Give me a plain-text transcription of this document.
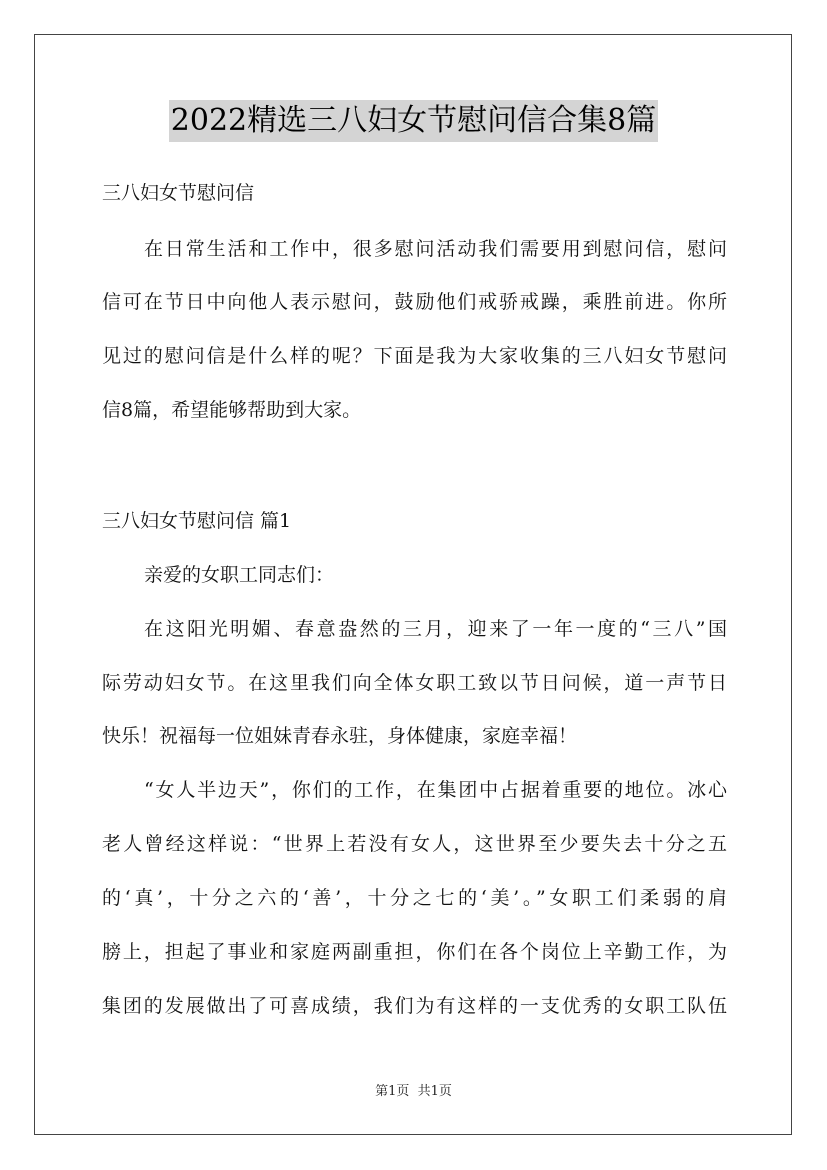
2022精选三八妇女节慰问信合集8篇
三八妇女节慰问信
在日常生活和工作中，很多慰问活动我们需要用到慰问信，慰问
信可在节日中向他人表示慰问，鼓励他们戒骄戒躁，乘胜前进。你所
见过的慰问信是什么样的呢？下面是我为大家收集的三八妇女节慰问
信8篇，希望能够帮助到大家。
三八妇女节慰问信 篇1
亲爱的女职工同志们：
在这阳光明媚、春意盎然的三月，迎来了一年一度的“三八”国
际劳动妇女节。在这里我们向全体女职工致以节日问候，道一声节日
快乐！祝福每一位姐妹青春永驻，身体健康，家庭幸福！
“女人半边天”，你们的工作，在集团中占据着重要的地位。冰心
老人曾经这样说：“世界上若没有女人，这世界至少要失去十分之五
的‘真’，十分之六的‘善’，十分之七的‘美’。”女职工们柔弱的肩
膀上，担起了事业和家庭两副重担，你们在各个岗位上辛勤工作，为
集团的发展做出了可喜成绩，我们为有这样的一支优秀的女职工队伍
第1页 共1页
